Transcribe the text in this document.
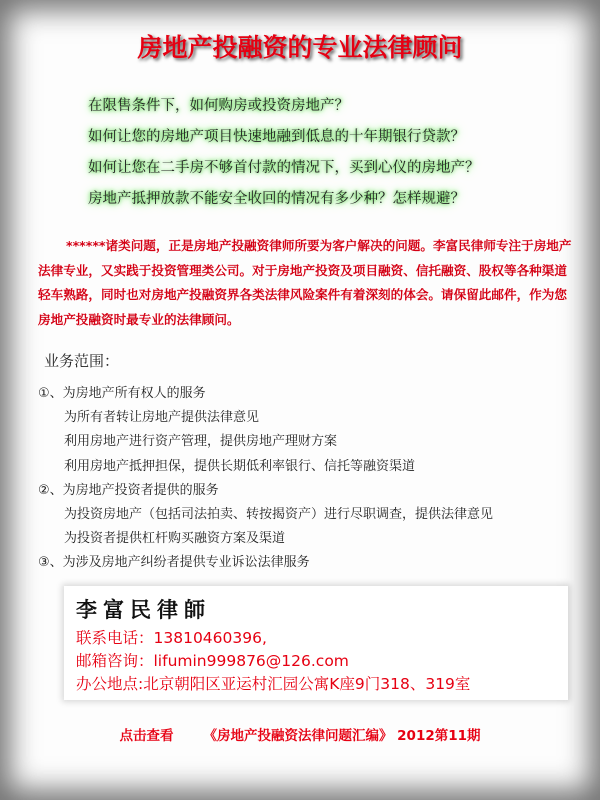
房地产投融资的专业法律顾问
在限售条件下，如何购房或投资房地产？
如何让您的房地产项目快速地融到低息的十年期银行贷款？
如何让您在二手房不够首付款的情况下，买到心仪的房地产？
房地产抵押放款不能安全收回的情况有多少种？怎样规避？
******诸类问题，正是房地产投融资律师所要为客户解决的问题。李富民律师专注于房地产法律专业，又实践于投资管理类公司。对于房地产投资及项目融资、信托融资、股权等各种渠道轻车熟路，同时也对房地产投融资界各类法律风险案件有着深刻的体会。请保留此邮件，作为您房地产投融资时最专业的法律顾问。
业务范围：
①、为房地产所有权人的服务
为所有者转让房地产提供法律意见
利用房地产进行资产管理，提供房地产理财方案
利用房地产抵押担保，提供长期低利率银行、信托等融资渠道
②、为房地产投资者提供的服务
为投资房地产（包括司法拍卖、转按揭资产）进行尽职调查，提供法律意见
为投资者提供杠杆购买融资方案及渠道
③、为涉及房地产纠纷者提供专业诉讼法律服务
李富民律師
联系电话：13810460396,
邮箱咨询：lifumin999876@126.com
办公地点:北京朝阳区亚运村汇园公寓K座9门318、319室
点击查看 《房地产投融资法律问题汇编》 2012第11期
